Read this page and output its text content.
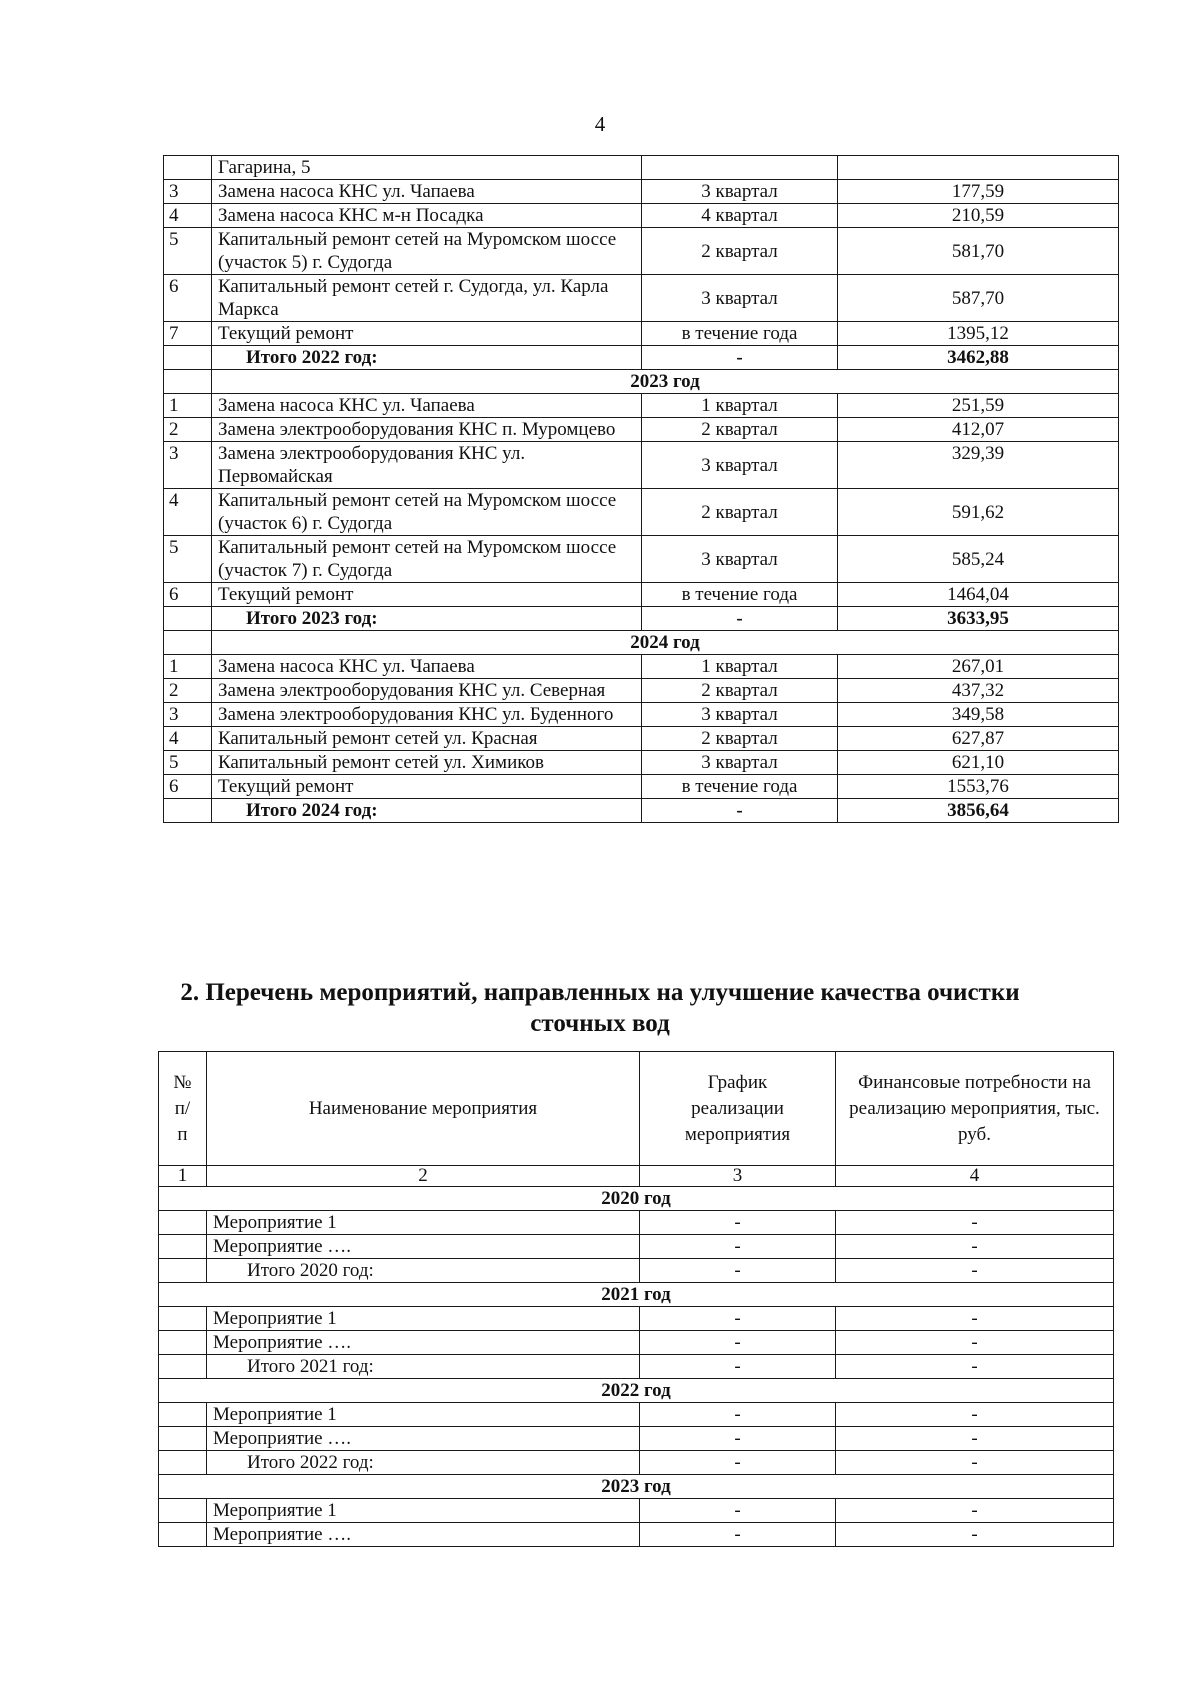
4
	Гагарина, 5		
3	Замена насоса КНС ул. Чапаева	3 квартал	177,59
4	Замена насоса КНС м-н Посадка	4 квартал	210,59
5	Капитальный ремонт сетей на Муромском шоссе (участок 5) г. Судогда	2 квартал	581,70
6	Капитальный ремонт сетей г. Судогда, ул. Карла Маркса	3 квартал	587,70
7	Текущий ремонт	в течение года	1395,12
	Итого 2022 год:	-	3462,88
	2023 год		
1	Замена насоса КНС ул. Чапаева	1 квартал	251,59
2	Замена электрооборудования КНС п. Муромцево	2 квартал	412,07
3	Замена электрооборудования КНС ул. Первомайская	3 квартал	329,39
4	Капитальный ремонт сетей на Муромском шоссе (участок 6) г. Судогда	2 квартал	591,62
5	Капитальный ремонт сетей на Муромском шоссе (участок 7) г. Судогда	3 квартал	585,24
6	Текущий ремонт	в течение года	1464,04
	Итого 2023 год:	-	3633,95
	2024 год		
1	Замена насоса КНС ул. Чапаева	1 квартал	267,01
2	Замена электрооборудования КНС ул. Северная	2 квартал	437,32
3	Замена электрооборудования КНС ул. Буденного	3 квартал	349,58
4	Капитальный ремонт сетей ул. Красная	2 квартал	627,87
5	Капитальный ремонт сетей ул. Химиков	3 квартал	621,10
6	Текущий ремонт	в течение года	1553,76
	Итого 2024 год:	-	3856,64
2. Перечень мероприятий, направленных на улучшение качества очистки сточных вод
№ п/п	Наименование мероприятия	График реализации мероприятия	Финансовые потребности на реализацию мероприятия, тыс. руб.
1	2	3	4
2020 год			
	Мероприятие 1	-	-
	Мероприятие ….	-	-
	Итого 2020 год:	-	-
2021 год			
	Мероприятие 1	-	-
	Мероприятие ….	-	-
	Итого 2021 год:	-	-
2022 год			
	Мероприятие 1	-	-
	Мероприятие ….	-	-
	Итого 2022 год:	-	-
2023 год			
	Мероприятие 1	-	-
	Мероприятие ….	-	-
